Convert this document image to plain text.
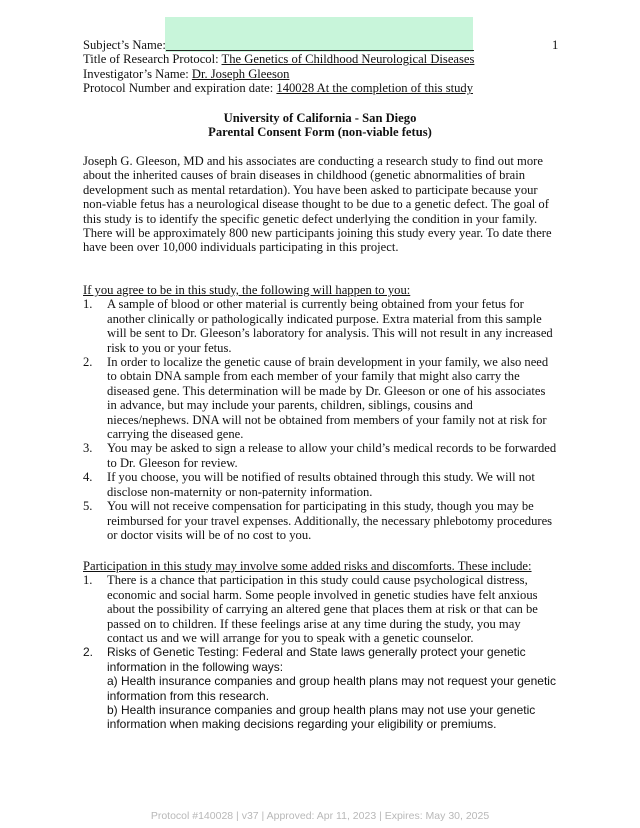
Subject’s Name:
Title of Research Protocol: The Genetics of Childhood Neurological Diseases
Investigator’s Name: Dr. Joseph Gleeson
Protocol Number and expiration date: 140028 At the completion of this study
1
University of California - San Diego
Parental Consent Form (non-viable fetus)

Joseph G. Gleeson, MD and his associates are conducting a research study to find out more about the inherited causes of brain diseases in childhood (genetic abnormalities of brain development such as mental retardation). You have been asked to participate because your non-viable fetus has a neurological disease thought to be due to a genetic defect. The goal of this study is to identify the specific genetic defect underlying the condition in your family. There will be approximately 800 new participants joining this study every year. To date there have been over 10,000 individuals participating in this project.

If you agree to be in this study, the following will happen to you:
1. A sample of blood or other material is currently being obtained from your fetus for another clinically or pathologically indicated purpose. Extra material from this sample will be sent to Dr. Gleeson’s laboratory for analysis. This will not result in any increased risk to you or your fetus.
2. In order to localize the genetic cause of brain development in your family, we also need to obtain DNA sample from each member of your family that might also carry the diseased gene. This determination will be made by Dr. Gleeson or one of his associates in advance, but may include your parents, children, siblings, cousins and nieces/nephews. DNA will not be obtained from members of your family not at risk for carrying the diseased gene.
3. You may be asked to sign a release to allow your child’s medical records to be forwarded to Dr. Gleeson for review.
4. If you choose, you will be notified of results obtained through this study. We will not disclose non-maternity or non-paternity information.
5. You will not receive compensation for participating in this study, though you may be reimbursed for your travel expenses. Additionally, the necessary phlebotomy procedures or doctor visits will be of no cost to you.
Participation in this study may involve some added risks and discomforts. These include:
1. There is a chance that participation in this study could cause psychological distress, economic and social harm. Some people involved in genetic studies have felt anxious about the possibility of carrying an altered gene that places them at risk or that can be passed on to children. If these feelings arise at any time during the study, you may contact us and we will arrange for you to speak with a genetic counselor.
2. Risks of Genetic Testing: Federal and State laws generally protect your genetic information in the following ways:

a) Health insurance companies and group health plans may not request your genetic information from this research.

b) Health insurance companies and group health plans may not use your genetic information when making decisions regarding your eligibility or premiums.

Protocol #140028 | v37 | Approved: Apr 11, 2023 | Expires: May 30, 2025
